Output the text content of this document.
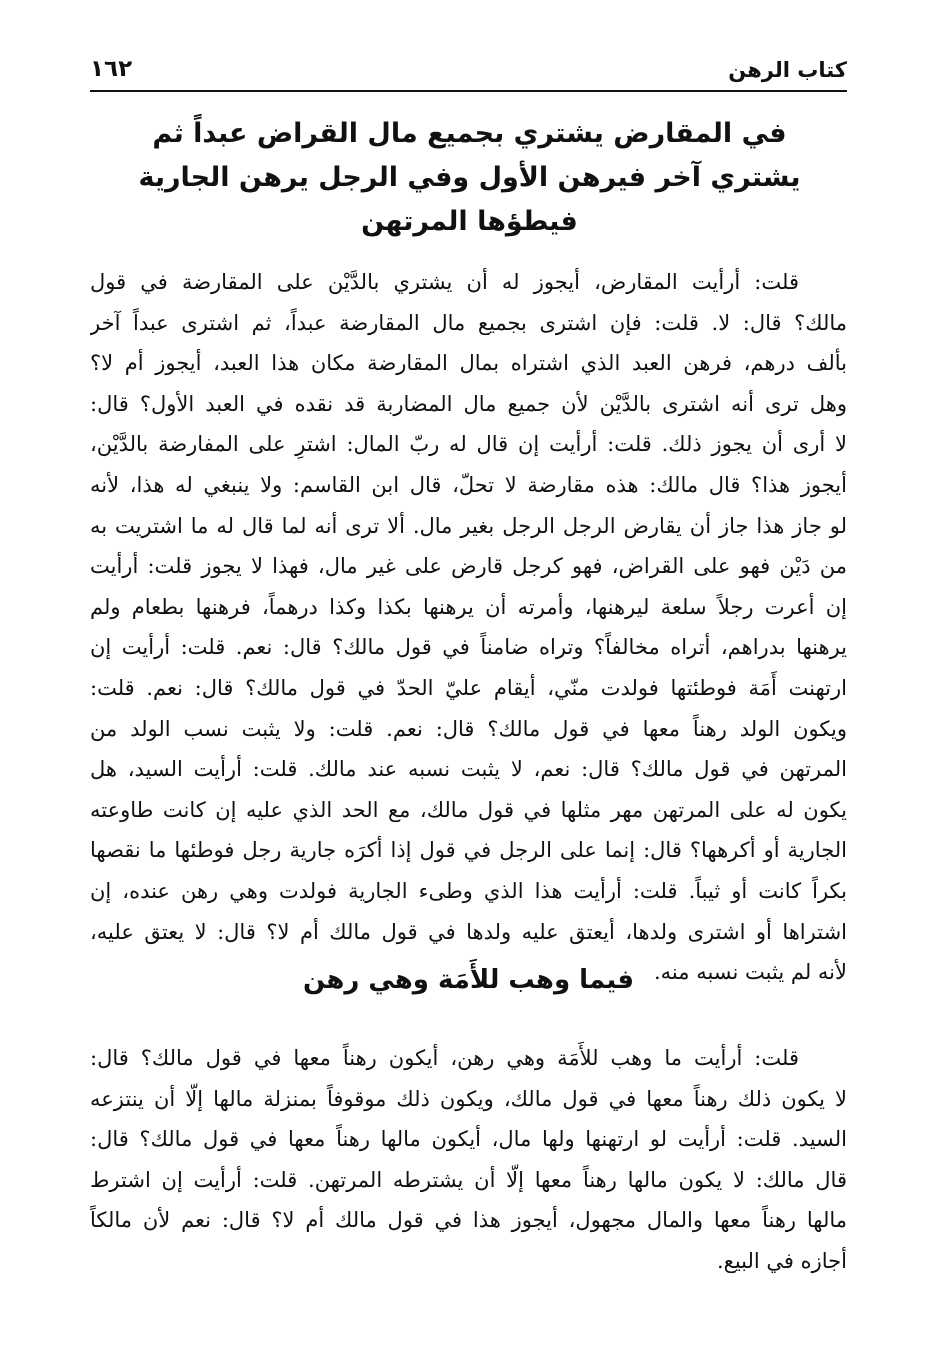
كتاب الرهن
١٦٢
في المقارض يشتري بجميع مال القراض عبداً ثم
يشتري آخر فيرهن الأول وفي الرجل يرهن الجارية
فيطؤها المرتهن
قلت: أرأيت المقارض، أيجوز له أن يشتري بالدَّيْن على المقارضة في قول
مالك؟ قال: لا. قلت: فإن اشترى بجميع مال المقارضة عبداً، ثم اشترى عبداً آخر
بألف درهم، فرهن العبد الذي اشتراه بمال المقارضة مكان هذا العبد، أيجوز أم لا؟
وهل ترى أنه اشترى بالدَّيْن لأن جميع مال المضاربة قد نقده في العبد الأول؟ قال:
لا أرى أن يجوز ذلك. قلت: أرأيت إن قال له ربّ المال: اشترِ على المفارضة بالدَّيْن،
أيجوز هذا؟ قال مالك: هذه مقارضة لا تحلّ، قال ابن القاسم: ولا ينبغي له هذا، لأنه
لو جاز هذا جاز أن يقارض الرجل الرجل بغير مال. ألا ترى أنه لما قال له ما اشتريت به
من دَيْن فهو على القراض، فهو كرجل قارض على غير مال، فهذا لا يجوز قلت: أرأيت
إن أعرت رجلاً سلعة ليرهنها، وأمرته أن يرهنها بكذا وكذا درهماً، فرهنها بطعام ولم
يرهنها بدراهم، أتراه مخالفاً؟ وتراه ضامناً في قول مالك؟ قال: نعم. قلت: أرأيت إن
ارتهنت أَمَة فوطئتها فولدت منّي، أيقام عليّ الحدّ في قول مالك؟ قال: نعم. قلت:
ويكون الولد رهناً معها في قول مالك؟ قال: نعم. قلت: ولا يثبت نسب الولد من
المرتهن في قول مالك؟ قال: نعم، لا يثبت نسبه عند مالك. قلت: أرأيت السيد، هل
يكون له على المرتهن مهر مثلها في قول مالك، مع الحد الذي عليه إن كانت طاوعته
الجارية أو أكرهها؟ قال: إنما على الرجل في قول إذا أكرَه جارية رجل فوطئها ما نقصها
بكراً كانت أو ثيباً. قلت: أرأيت هذا الذي وطىء الجارية فولدت وهي رهن عنده، إن
اشتراها أو اشترى ولدها، أيعتق عليه ولدها في قول مالك أم لا؟ قال: لا يعتق عليه،
لأنه لم يثبت نسبه منه.
فيما وهب للأَمَة وهي رهن
قلت: أرأيت ما وهب للأَمَة وهي رهن، أيكون رهناً معها في قول مالك؟ قال:
لا يكون ذلك رهناً معها في قول مالك، ويكون ذلك موقوفاً بمنزلة مالها إلّا أن ينتزعه
السيد. قلت: أرأيت لو ارتهنها ولها مال، أيكون مالها رهناً معها في قول مالك؟ قال:
قال مالك: لا يكون مالها رهناً معها إلّا أن يشترطه المرتهن. قلت: أرأيت إن اشترط
مالها رهناً معها والمال مجهول، أيجوز هذا في قول مالك أم لا؟ قال: نعم لأن مالكاً
أجازه في البيع.
